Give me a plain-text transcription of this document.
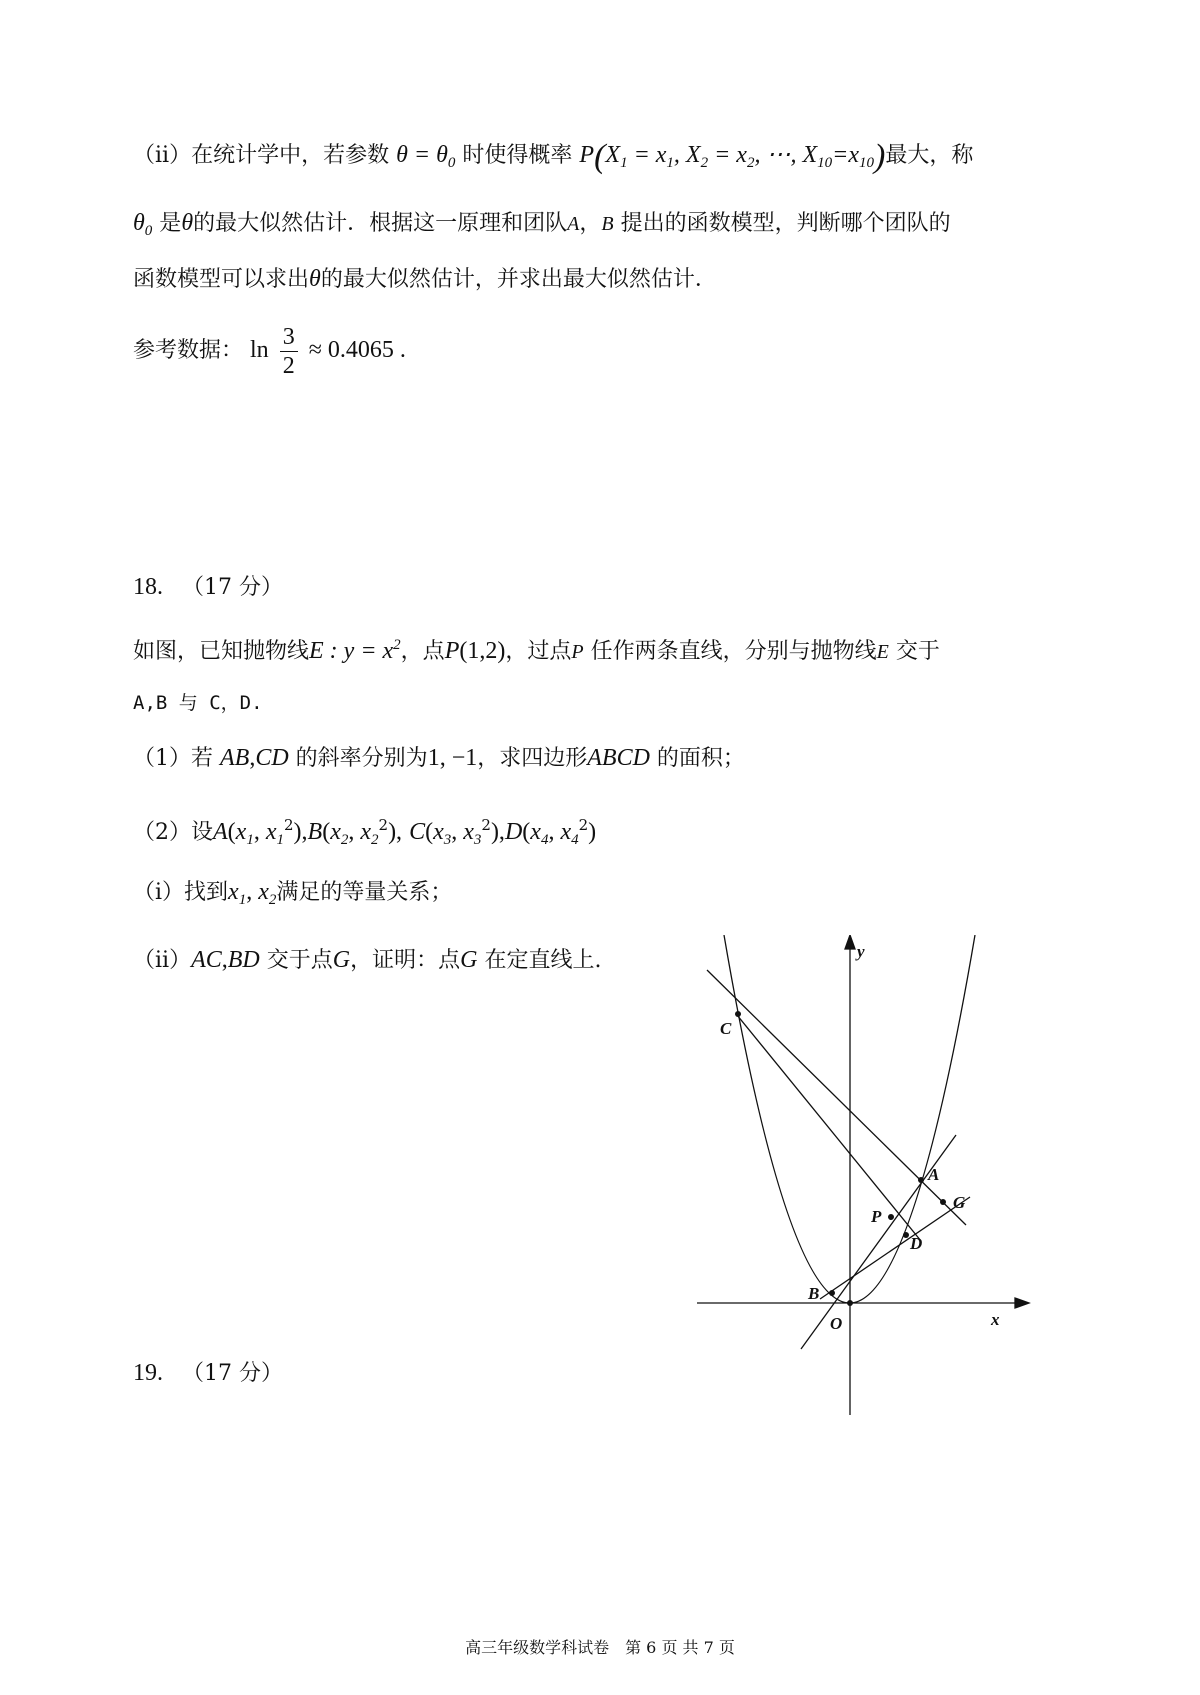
（ⅱ）在统计学中，若参数 $\theta = \theta_0$ 时使得概率 $P(X_1 = x_1$, $X_2 = x_2$, ⋯, $X_{10}=x_{10}$)最大，称
$\theta_0$ 是θ的最大似然估计．根据这一原理和团队A，B 提出的函数模型，判断哪个团队的
函数模型可以求出θ的最大似然估计，并求出最大似然估计．
参考数据： $\ln \frac{3}{2} \approx 0.4065$ .
18. （17 分）
如图，已知抛物线E : $y = x^2$，点P(1,2)，过点P 任作两条直线，分别与抛物线E 交于
A,B 与 C，D.
（1）若 AB,CD 的斜率分别为1, −1，求四边形ABCD 的面积；
（2）设$A(x_1$, $x_1^2),B(x_2$, $x_2^2$), $C(x_3$, $x_3^2),D(x_4$, $x_4^2$)
（ⅰ）找到$x_1$, $x_2$满足的等量关系；
（ⅱ）AC,BD 交于点G，证明：点G 在定直线上.	y
x
O
C
A
G
P
D
B
19. （17 分）
高三年级数学科试卷　第 6 页 共 7 页
